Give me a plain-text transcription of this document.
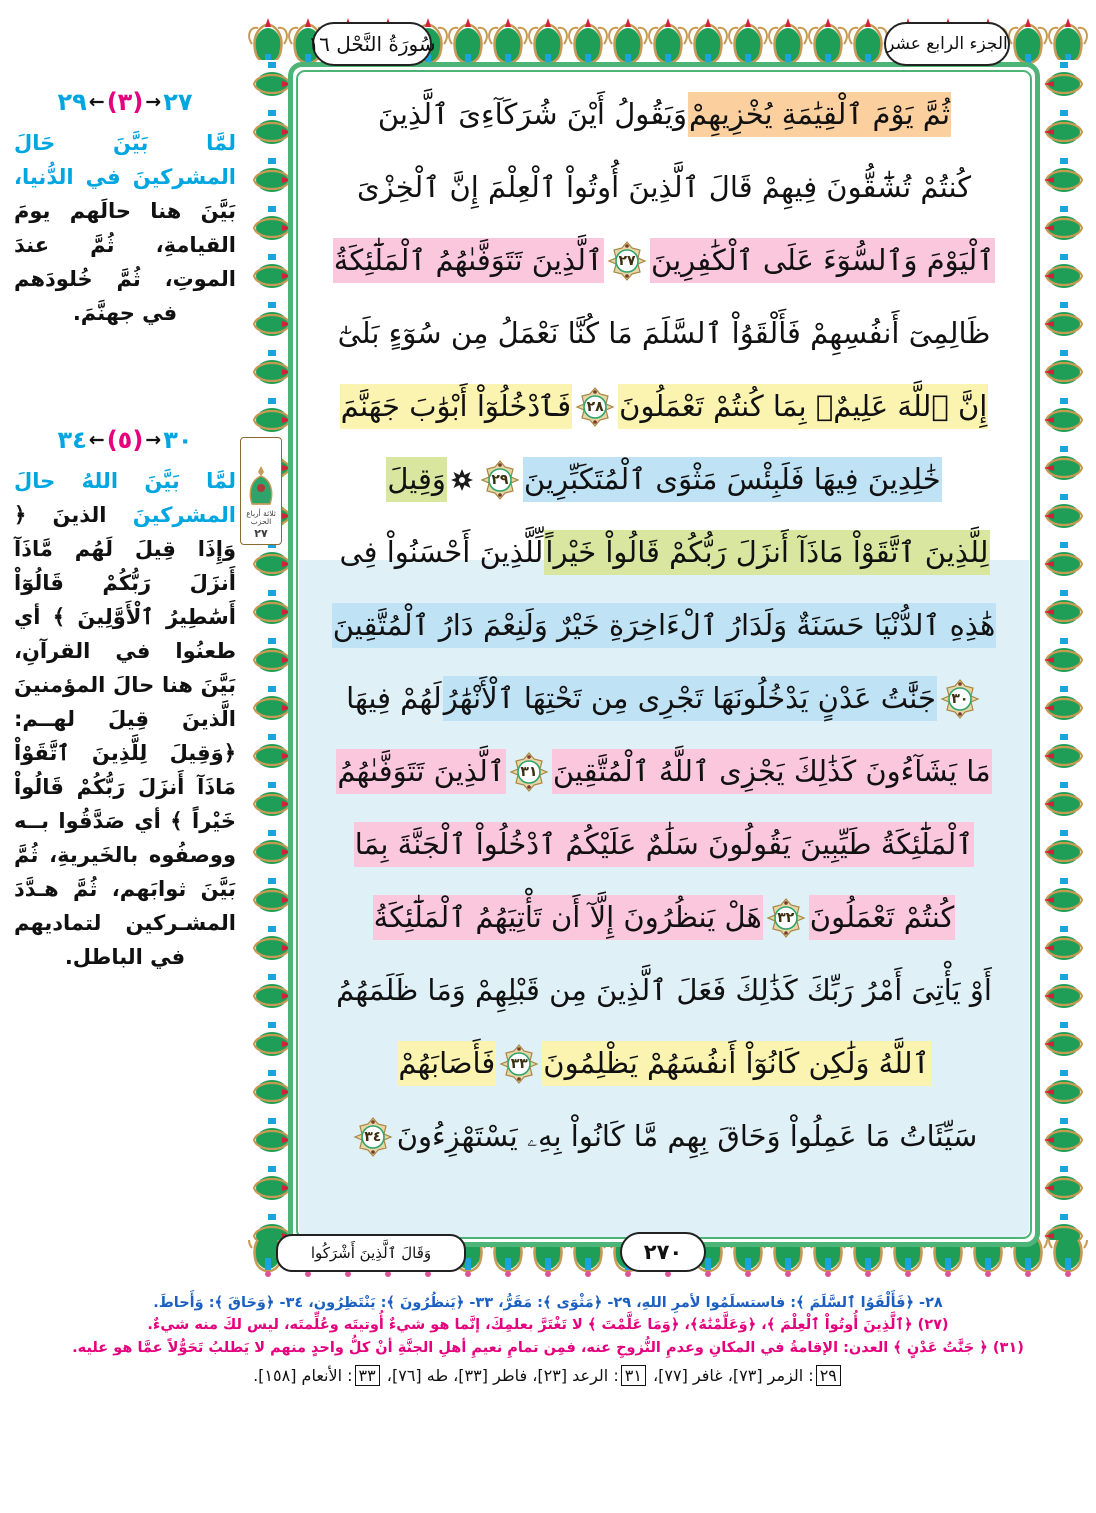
سُورَةُ النَّحْل ١٦	الجزء الرابع عشر
ثلاثة أرباع الحزب
٢٧
٢٩ ← (٣) → ٢٧
لمَّا بَيَّنَ حَالَ المشركينَ في الدُّنيا، بَيَّنَ هنا حالَهم يومَ القيامةِ، ثُمَّ عندَ الموتِ، ثُمَّ خُلودَهم في جهنَّمَ.
٣٤ ← (٥) → ٣٠
لمَّا بَيَّنَ اللهُ حالَ المشركينَ الذينَ ﴿ وَإِذَا قِيلَ لَهُم مَّاذَآ أَنزَلَ رَبُّكُمْ قَالُوٓاْ أَسَٰطِيرُ ٱلْأَوَّلِينَ ﴾ أي طعنُوا في القرآنِ، بَيَّنَ هنا حالَ المؤمنينَ الَّذينَ قِيلَ لهــم: ﴿وَقِيلَ لِلَّذِينَ ٱتَّقَوْاْ مَاذَآ أَنزَلَ رَبُّكُمْ قَالُواْ خَيْراً ﴾ أي صَدَّقُوا بــه ووصفُوه بالخَيريةِ، ثُمَّ بَيَّنَ ثوابَهم، ثُمَّ هـدَّدَ المشـركين لتماديهم في الباطل.
ثُمَّ يَوْمَ ٱلْقِيَٰمَةِ يُخْزِيهِمْ
وَيَقُولُ أَيْنَ شُرَكَآءِىَ ٱلَّذِينَ
كُنتُمْ تُشَٰٓقُّونَ فِيهِمْ قَالَ ٱلَّذِينَ أُوتُواْ ٱلْعِلْمَ إِنَّ ٱلْخِزْىَ
ٱلْيَوْمَ وَٱلسُّوٓءَ عَلَى ٱلْكَٰفِرِينَ
٢٧
ٱلَّذِينَ تَتَوَفَّىٰهُمُ ٱلْمَلَٰٓئِكَةُ
ظَالِمِىٓ أَنفُسِهِمْ فَأَلْقَوُاْ ٱلسَّلَمَ مَا كُنَّا نَعْمَلُ مِن سُوٓءٍ بَلَىٰٓ
إِنَّ ٱللَّهَ عَلِيمٌۢ بِمَا كُنتُمْ تَعْمَلُونَ
٢٨
فَٱدْخُلُوٓاْ أَبْوَٰبَ جَهَنَّمَ
خَٰلِدِينَ فِيهَا فَلَبِئْسَ مَثْوَى ٱلْمُتَكَبِّرِينَ
٢٩
وَقِيلَ
لِلَّذِينَ ٱتَّقَوْاْ مَاذَآ أَنزَلَ رَبُّكُمْ قَالُواْ خَيْراً
لِّلَّذِينَ أَحْسَنُواْ فِى
هَٰذِهِ ٱلدُّنْيَا حَسَنَةٌ وَلَدَارُ ٱلْءَاخِرَةِ خَيْرٌ وَلَنِعْمَ دَارُ ٱلْمُتَّقِينَ
٣٠
جَنَّٰتُ عَدْنٍ يَدْخُلُونَهَا تَجْرِى مِن تَحْتِهَا ٱلْأَنْهَٰرُ
لَهُمْ فِيهَا
مَا يَشَآءُونَ كَذَٰلِكَ يَجْزِى ٱللَّهُ ٱلْمُتَّقِينَ
٣١
ٱلَّذِينَ تَتَوَفَّىٰهُمُ
ٱلْمَلَٰٓئِكَةُ طَيِّبِينَ يَقُولُونَ سَلَٰمٌ عَلَيْكُمُ ٱدْخُلُواْ ٱلْجَنَّةَ بِمَا
كُنتُمْ تَعْمَلُونَ
٣٢
هَلْ يَنظُرُونَ إِلَّآ أَن تَأْتِيَهُمُ ٱلْمَلَٰٓئِكَةُ
أَوْ يَأْتِىَ أَمْرُ رَبِّكَ كَذَٰلِكَ فَعَلَ ٱلَّذِينَ مِن قَبْلِهِمْ وَمَا ظَلَمَهُمُ
ٱللَّهُ وَلَٰكِن كَانُوٓاْ أَنفُسَهُمْ يَظْلِمُونَ
٣٣
فَأَصَابَهُمْ
سَيِّئَاتُ مَا عَمِلُواْ وَحَاقَ بِهِم مَّا كَانُواْ بِهِۦ يَسْتَهْزِءُونَ
٣٤
وَقَالَ ٱلَّذِينَ أَشْرَكُوا	٢٧٠
٢٨- ﴿فَأَلْقَوُا ٱلسَّلَمَ ﴾: فاستسلَمُوا لأمرِ اللهِ، ٢٩- ﴿مَثْوَى ﴾: مَقَرُّ، ٣٣- ﴿يَنظُرُونَ ﴾: يَنْتَظِرُون، ٣٤- ﴿وَحَاقَ ﴾: وَأَحاطَ.
(٢٧) ﴿ٱلَّذِينَ أُوتُواْ ٱلْعِلْمَ ﴾، ﴿وَعَلَّمْنَٰهُ﴾، ﴿وَمَا عَلَّمْتَ ﴾ لا تَغْتَرَّ بعلمِكَ، إنَّما هو شيءٌ أُوتيتَه وعُلِّمتَه، ليس لكَ منه شيءٌ.
(٣١) ﴿ جَنَّٰتُ عَدْنٍ ﴾ العدن: الإقامةُ في المكانِ وعدمِ النُّزوحِ عنه، فمِن تمامِ نعيمِ أهلِ الجنَّةِ أنْ كلُّ واحدٍ منهم لا يَطلبُ تَحَوُّلاً عمَّا هو عليه.
٢٩: الزمر [٧٣]، غافر [٧٧]، ٣١: الرعد [٢٣]، فاطر [٣٣]، طه [٧٦]، ٣٣: الأنعام [١٥٨].
